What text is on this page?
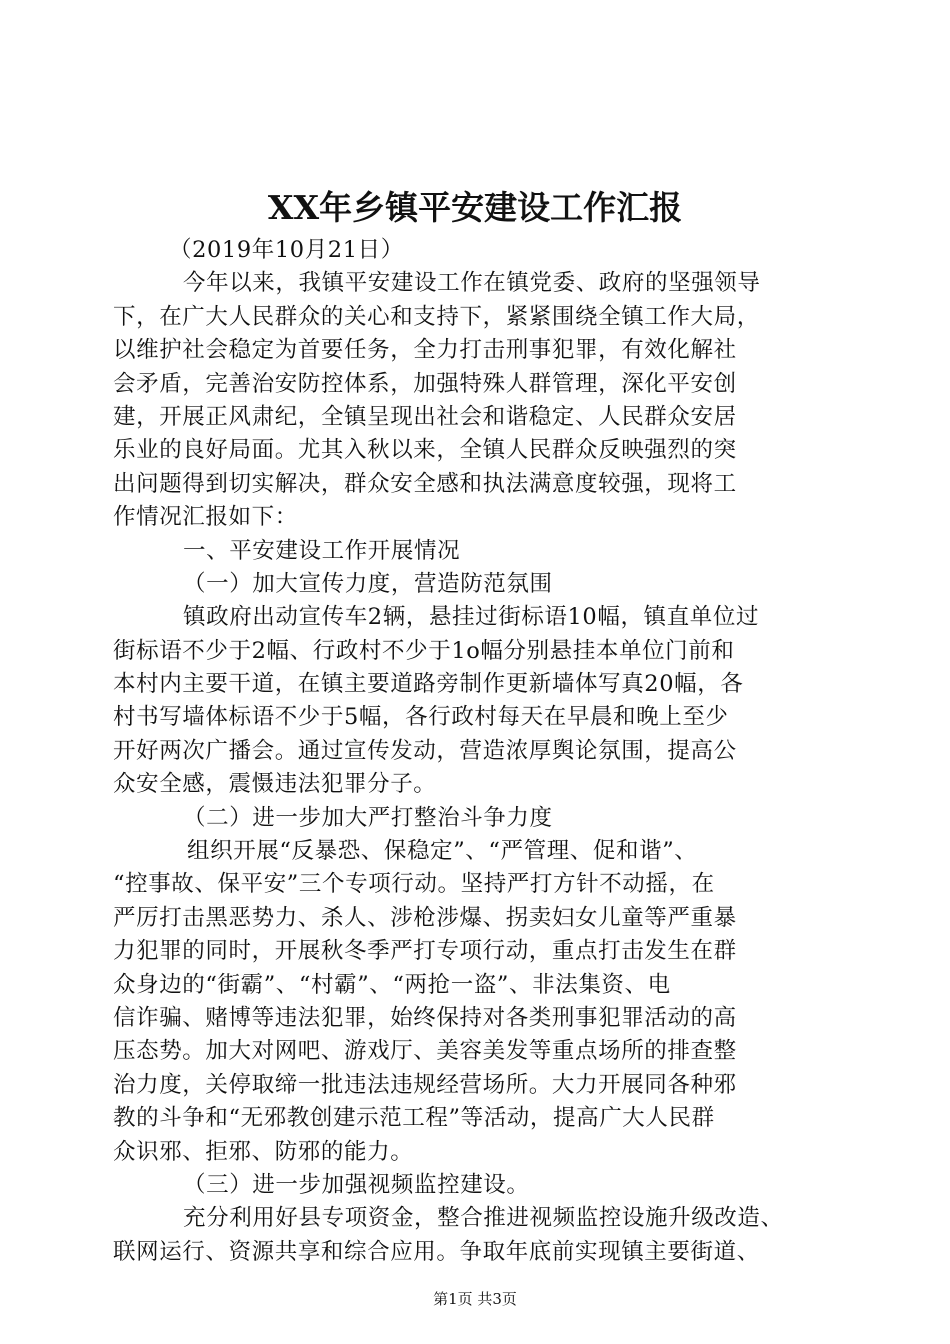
XX年乡镇平安建设工作汇报
（2019年10月21日）
今年以来，我镇平安建设工作在镇党委、政府的坚强领导
下，在广大人民群众的关心和支持下，紧紧围绕全镇工作大局，
以维护社会稳定为首要任务，全力打击刑事犯罪，有效化解社
会矛盾，完善治安防控体系，加强特殊人群管理，深化平安创
建，开展正风肃纪，全镇呈现出社会和谐稳定、人民群众安居
乐业的良好局面。尤其入秋以来，全镇人民群众反映强烈的突
出问题得到切实解决，群众安全感和执法满意度较强，现将工
作情况汇报如下：
一、平安建设工作开展情况
（一）加大宣传力度，营造防范氛围
镇政府出动宣传车2辆，悬挂过街标语10幅，镇直单位过
街标语不少于2幅、行政村不少于1o幅分别悬挂本单位门前和
本村内主要干道，在镇主要道路旁制作更新墙体写真20幅，各
村书写墙体标语不少于5幅，各行政村每天在早晨和晚上至少
开好两次广播会。通过宣传发动，营造浓厚舆论氛围，提高公
众安全感，震慑违法犯罪分子。
（二）进一步加大严打整治斗争力度
组织开展“反暴恐、保稳定”、“严管理、促和谐”、
“控事故、保平安”三个专项行动。坚持严打方针不动摇，在
严厉打击黑恶势力、杀人、涉枪涉爆、拐卖妇女儿童等严重暴
力犯罪的同时，开展秋冬季严打专项行动，重点打击发生在群
众身边的“街霸”、“村霸”、“两抢一盗”、非法集资、电
信诈骗、赌博等违法犯罪，始终保持对各类刑事犯罪活动的高
压态势。加大对网吧、游戏厅、美容美发等重点场所的排查整
治力度，关停取缔一批违法违规经营场所。大力开展同各种邪
教的斗争和“无邪教创建示范工程”等活动，提高广大人民群
众识邪、拒邪、防邪的能力。
（三）进一步加强视频监控建设。
充分利用好县专项资金，整合推进视频监控设施升级改造、
联网运行、资源共享和综合应用。争取年底前实现镇主要街道、
第1页 共3页
